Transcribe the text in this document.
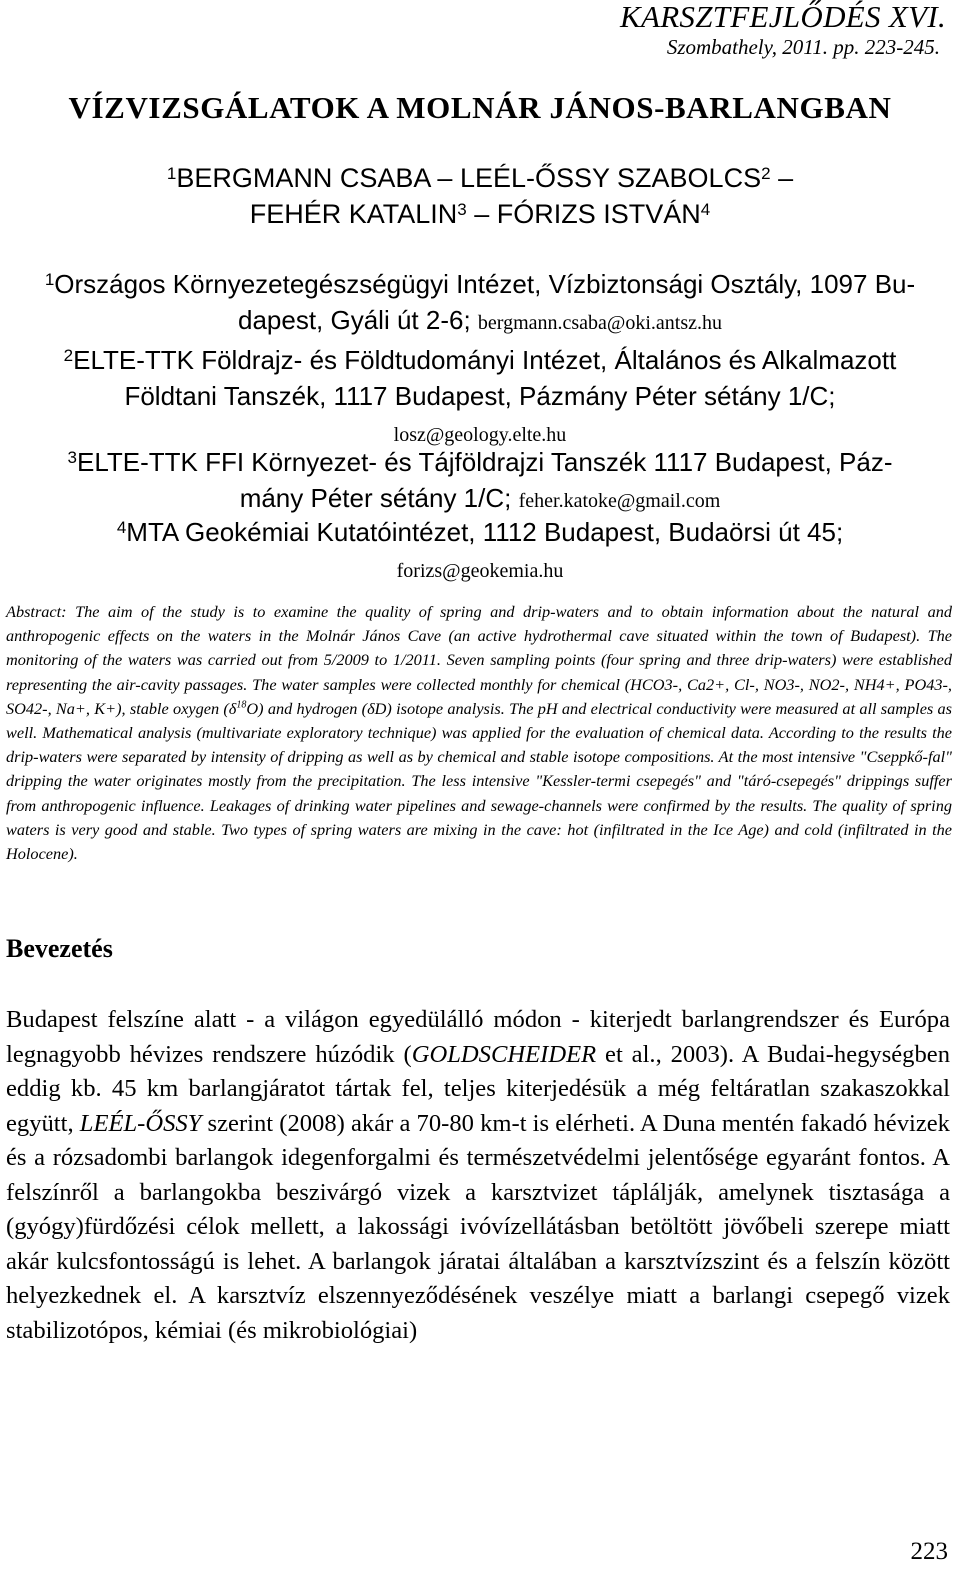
KARSZTFEJLŐDÉS XVI.
Szombathely, 2011. pp. 223-245.
VÍZVIZSGÁLATOK A MOLNÁR JÁNOS-BARLANGBAN
$^1$BERGMANN CSABA – LEÉL-ŐSSY SZABOLCS$^2$ –
FEHÉR KATALIN$^3$ – FÓRIZS ISTVÁN$^4$
$^1$Országos Környezetegészségügyi Intézet, Vízbiztonsági Osztály, 1097 Bu-
dapest, Gyáli út 2-6; bergmann.csaba@oki.antsz.hu
$^2$ELTE-TTK Földrajz- és Földtudományi Intézet, Általános és Alkalmazott
Földtani Tanszék, 1117 Budapest, Pázmány Péter sétány 1/C;
losz@geology.elte.hu
$^3$ELTE-TTK FFI Környezet- és Tájföldrajzi Tanszék 1117 Budapest, Páz-
mány Péter sétány 1/C; feher.katoke@gmail.com
$^4$MTA Geokémiai Kutatóintézet, 1112 Budapest, Budaörsi út 45;
forizs@geokemia.hu
Abstract: The aim of the study is to examine the quality of spring and drip-waters and to obtain information about the natural and anthropogenic effects on the waters in the Molnár János Cave (an active hydrothermal cave situated within the town of Budapest). The monitoring of the waters was carried out from 5/2009 to 1/2011. Seven sampling points (four spring and three drip-waters) were established representing the air-cavity passages. The water samples were collected monthly for chemical (HCO3-, Ca2+, Cl-, NO3-, NO2-, NH4+, PO43-, SO42-, Na+, K+), stable oxygen $(\delta^{18}O)$ and hydrogen (δD) isotope analysis. The pH and electrical conductivity were measured at all samples as well. Mathematical analysis (multivariate exploratory technique) was applied for the evaluation of chemical data. According to the results the drip-waters were separated by intensity of dripping as well as by chemical and stable isotope compositions. At the most intensive "Cseppkő-fal" dripping the water originates mostly from the precipitation. The less intensive "Kessler-termi csepegés" and "táró-csepegés" drippings suffer from anthropogenic influence. Leakages of drinking water pipelines and sewage-channels were confirmed by the results. The quality of spring waters is very good and stable. Two types of spring waters are mixing in the cave: hot (infiltrated in the Ice Age) and cold (infiltrated in the Holocene).
Bevezetés
Budapest felszíne alatt - a világon egyedülálló módon - kiterjedt barlangrendszer és Európa legnagyobb hévizes rendszere húzódik (GOLDSCHEIDER et al., 2003). A Budai-hegységben eddig kb. 45 km barlangjáratot tártak fel, teljes kiterjedésük a még feltáratlan szakaszokkal együtt, LEÉL-ŐSSY szerint (2008) akár a 70-80 km-t is elérheti. A Duna mentén fakadó hévizek és a rózsadombi barlangok idegenforgalmi és természetvédelmi jelentősége egyaránt fontos. A felszínről a barlangokba beszivárgó vizek a karsztvizet táplálják, amelynek tisztasága a (gyógy)fürdőzési célok mellett, a lakossági ivóvízellátásban betöltött jövőbeli szerepe miatt akár kulcsfontosságú is lehet. A barlangok járatai általában a karsztvízszint és a felszín között helyezkednek el. A karsztvíz elszennyeződésének veszélye miatt a barlangi csepegő vizek stabilizotópos, kémiai (és mikrobiológiai)
223
